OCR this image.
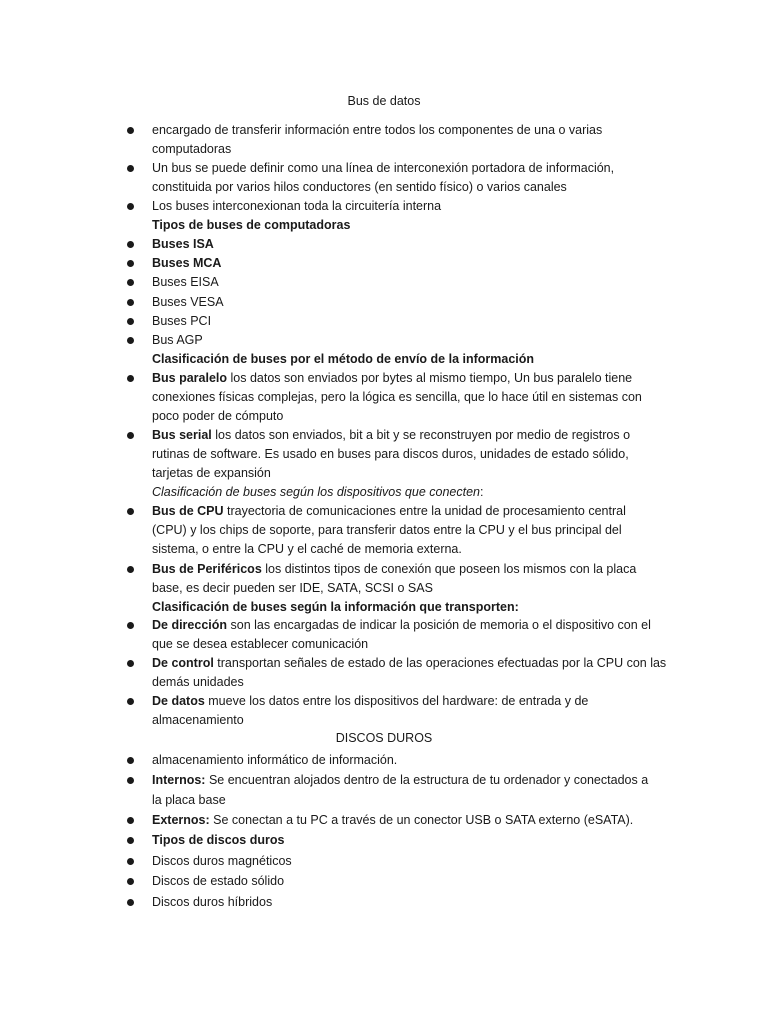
Bus de datos
encargado de transferir información entre todos los componentes de una o varias
computadoras
Un bus se puede definir como una línea de interconexión portadora de información,
constituida por varios hilos conductores (en sentido físico) o varios canales
Los buses interconexionan toda la circuitería interna
Tipos de buses de computadoras
Buses ISA
Buses MCA
Buses EISA
Buses VESA
Buses PCI
Bus AGP
Clasificación de buses por el método de envío de la información
Bus paralelo los datos son enviados por bytes al mismo tiempo, Un bus paralelo tiene
conexiones físicas complejas, pero la lógica es sencilla, que lo hace útil en sistemas con
poco poder de cómputo
Bus serial los datos son enviados, bit a bit y se reconstruyen por medio de registros o
rutinas de software. Es usado en buses para discos duros, unidades de estado sólido,
tarjetas de expansión
Clasificación de buses según los dispositivos que conecten:
Bus de CPU trayectoria de comunicaciones entre la unidad de procesamiento central
(CPU) y los chips de soporte, para transferir datos entre la CPU y el bus principal del
sistema, o entre la CPU y el caché de memoria externa.
Bus de Periféricos los distintos tipos de conexión que poseen los mismos con la placa
base, es decir pueden ser IDE, SATA, SCSI o SAS
Clasificación de buses según la información que transporten:
De dirección son las encargadas de indicar la posición de memoria o el dispositivo con el
que se desea establecer comunicación
De control transportan señales de estado de las operaciones efectuadas por la CPU con las
demás unidades
De datos mueve los datos entre los dispositivos del hardware: de entrada y de
almacenamiento
DISCOS DUROS
almacenamiento informático de información.
Internos: Se encuentran alojados dentro de la estructura de tu ordenador y conectados a
la placa base
Externos: Se conectan a tu PC a través de un conector USB o SATA externo (eSATA).
Tipos de discos duros
Discos duros magnéticos
Discos de estado sólido
Discos duros híbridos
